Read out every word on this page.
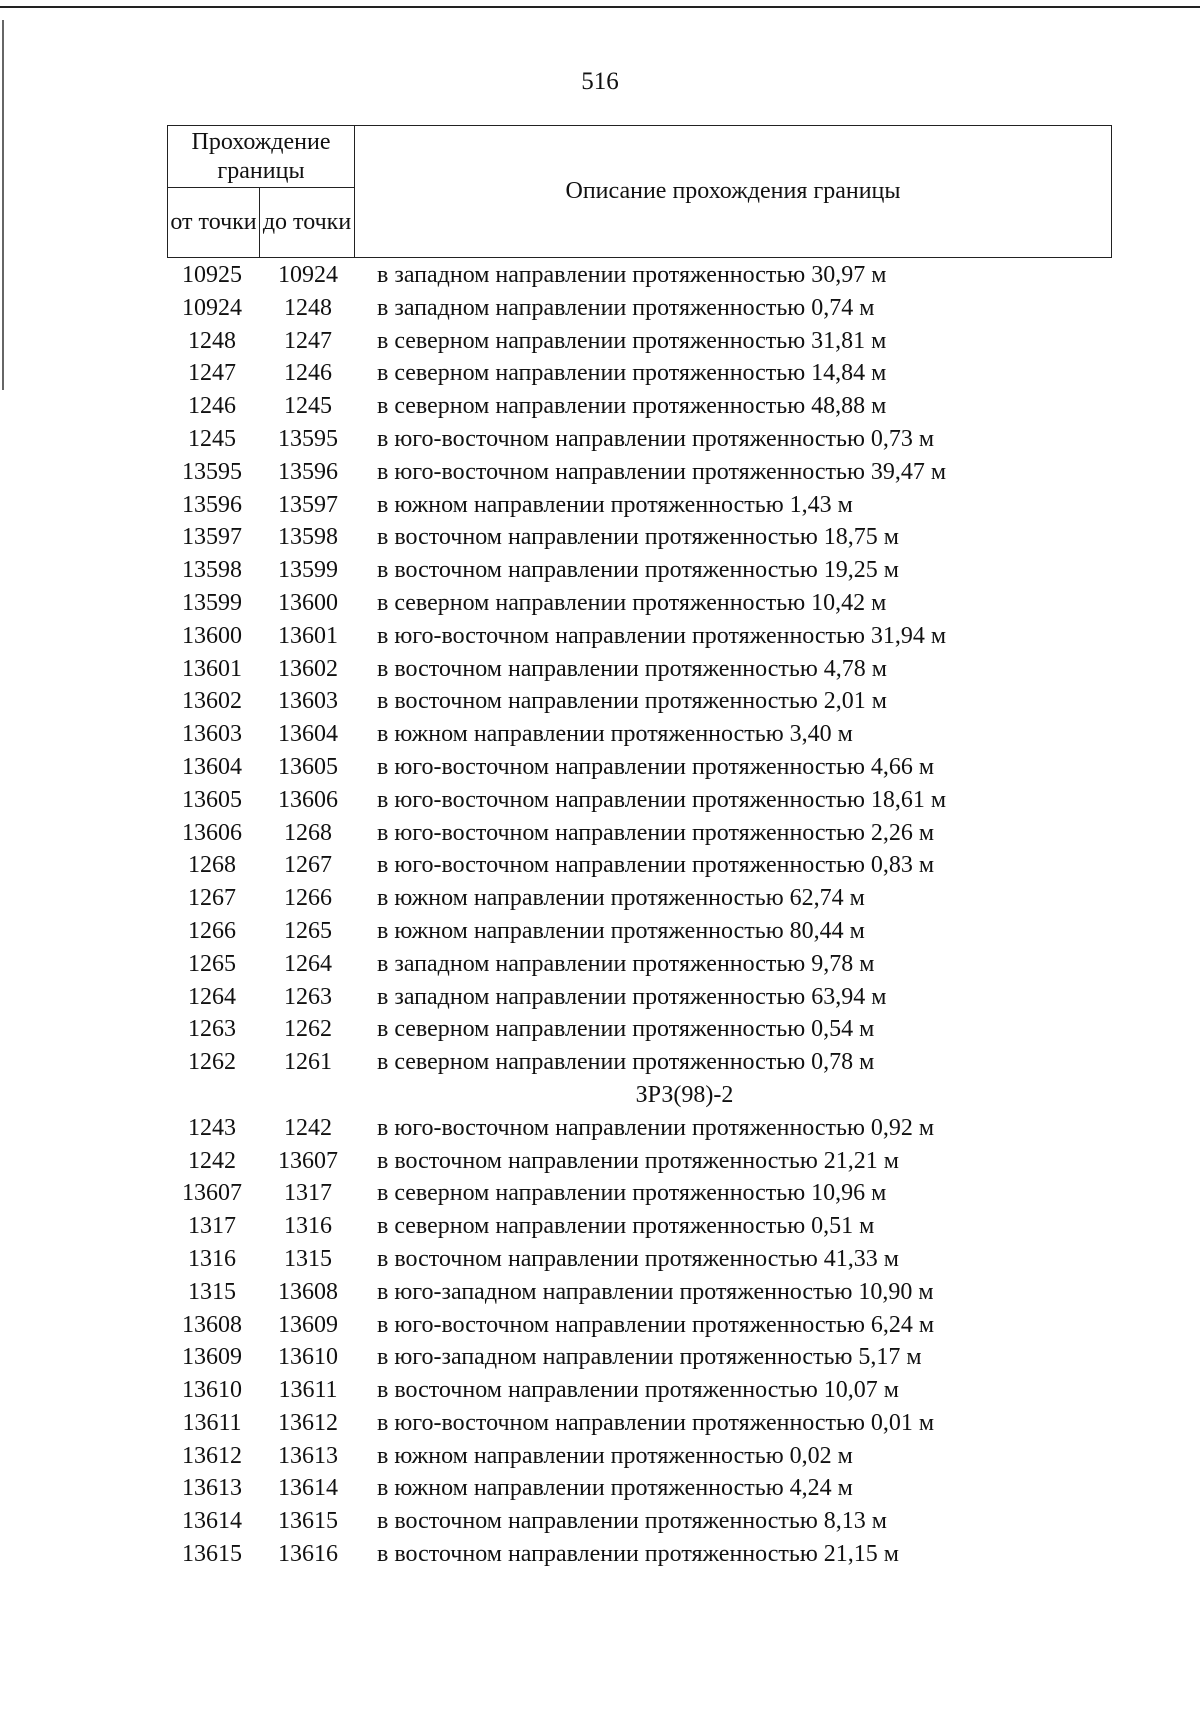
516
Прохождение границы		Описание прохождения границы
от точки	до точки	
10925	10924	в западном направлении протяженностью 30,97 м
10924	1248	в западном направлении протяженностью 0,74 м
1248	1247	в северном направлении протяженностью 31,81 м
1247	1246	в северном направлении протяженностью 14,84 м
1246	1245	в северном направлении протяженностью 48,88 м
1245	13595	в юго-восточном направлении протяженностью 0,73 м
13595	13596	в юго-восточном направлении протяженностью 39,47 м
13596	13597	в южном направлении протяженностью 1,43 м
13597	13598	в восточном направлении протяженностью 18,75 м
13598	13599	в восточном направлении протяженностью 19,25 м
13599	13600	в северном направлении протяженностью 10,42 м
13600	13601	в юго-восточном направлении протяженностью 31,94 м
13601	13602	в восточном направлении протяженностью 4,78 м
13602	13603	в восточном направлении протяженностью 2,01 м
13603	13604	в южном направлении протяженностью 3,40 м
13604	13605	в юго-восточном направлении протяженностью 4,66 м
13605	13606	в юго-восточном направлении протяженностью 18,61 м
13606	1268	в юго-восточном направлении протяженностью 2,26 м
1268	1267	в юго-восточном направлении протяженностью 0,83 м
1267	1266	в южном направлении протяженностью 62,74 м
1266	1265	в южном направлении протяженностью 80,44 м
1265	1264	в западном направлении протяженностью 9,78 м
1264	1263	в западном направлении протяженностью 63,94 м
1263	1262	в северном направлении протяженностью 0,54 м
1262	1261	в северном направлении протяженностью 0,78 м
ЗРЗ(98)-2
1243	1242	в юго-восточном направлении протяженностью 0,92 м
1242	13607	в восточном направлении протяженностью 21,21 м
13607	1317	в северном направлении протяженностью 10,96 м
1317	1316	в северном направлении протяженностью 0,51 м
1316	1315	в восточном направлении протяженностью 41,33 м
1315	13608	в юго-западном направлении протяженностью 10,90 м
13608	13609	в юго-восточном направлении протяженностью 6,24 м
13609	13610	в юго-западном направлении протяженностью 5,17 м
13610	13611	в восточном направлении протяженностью 10,07 м
13611	13612	в юго-восточном направлении протяженностью 0,01 м
13612	13613	в южном направлении протяженностью 0,02 м
13613	13614	в южном направлении протяженностью 4,24 м
13614	13615	в восточном направлении протяженностью 8,13 м
13615	13616	в восточном направлении протяженностью 21,15 м
